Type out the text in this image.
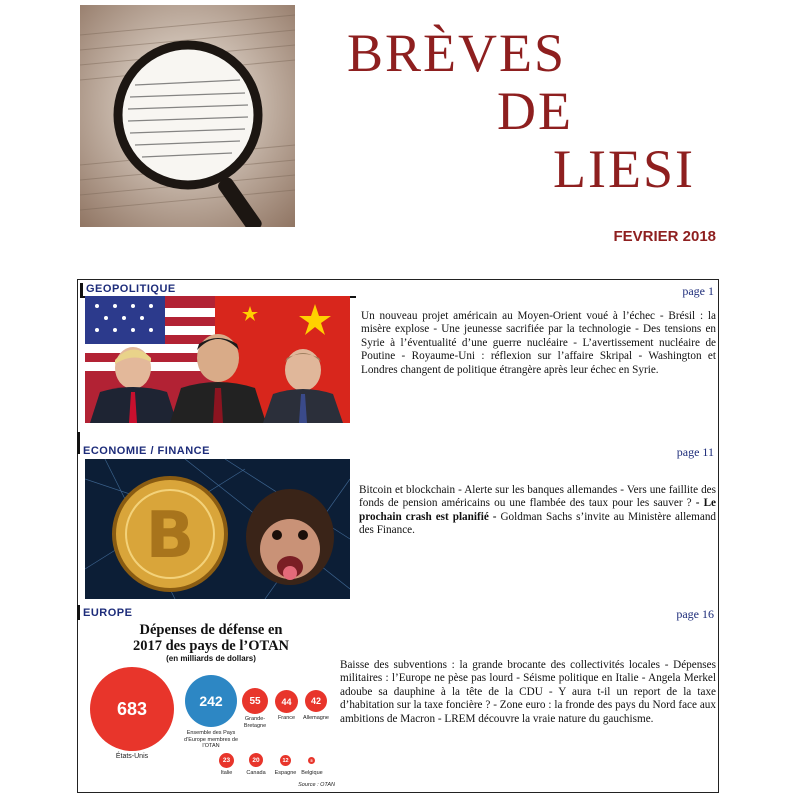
BRÈVES
DE
LIESI
FEVRIER 2018
GEOPOLITIQUE	page 1
Un nouveau projet américain au Moyen-Orient voué à l’échec - Brésil : la misère explose - Une jeunesse sacrifiée par la technologie - Des tensions en Syrie à l’éventualité d’une guerre nucléaire - L’avertissement nucléaire de Poutine - Royaume-Uni : réflexion sur l’affaire Skripal - Washington et Londres changent de politique étrangère après leur échec en Syrie.
ECONOMIE / FINANCE	page 11
B
Bitcoin et blockchain - Alerte sur les banques allemandes - Vers une faillite des fonds de pension américains ou une flambée des taux pour les sauver ? - Le prochain crash est planifié - Goldman Sachs s’invite au Ministère allemand des Finance.
EUROPE	page 16
Dépenses de défense en
2017 des pays de l’OTAN
(en milliards de dollars)
683
États-Unis
242
Ensemble des Pays d’Europe membres de l’OTAN
55
Grande-Bretagne
44
France
42
Allemagne
23
Italie
20
Canada
12
Espagne
5
Belgique
Source : OTAN
Baisse des subventions : la grande brocante des collectivités locales - Dépenses militaires : l’Europe ne pèse pas lourd - Séisme politique en Italie - Angela Merkel adoube sa dauphine à la tête de la CDU - Y aura t-il un report de la taxe d’habitation sur la taxe foncière ? - Zone euro : la fronde des pays du Nord face aux ambitions de Macron - LREM découvre la vraie nature du gauchisme.
